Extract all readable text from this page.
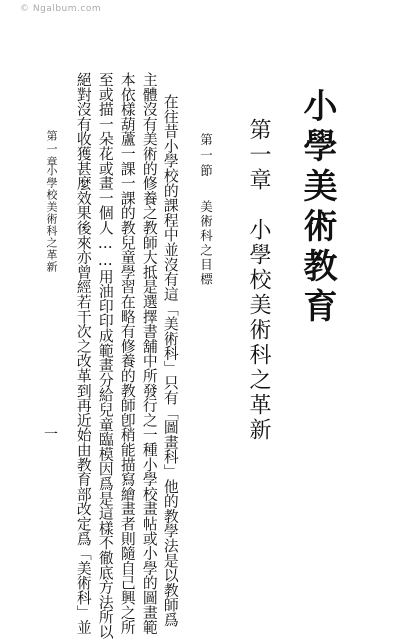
© Ngalbum.com
小學美術教育
第一章　小學校美術科之革新
第一節
美術科之目標
在往昔小學校的課程中並沒有這「美術科」只有「圖畫科」他的教學法是以教師爲
主體沒有美術的修養之教師大抵是選擇書舖中所發行之一種小學校畫帖或小學的圖畫範
本依樣葫蘆一課一課的教兒童學習在略有修養的教師卽稍能描寫繪畫者則隨自己興之所
至或描一朵花或畫一個人……用油印印成範畫分給兒童臨模因爲是這樣不徹底方法所以
絕對沒有收獲甚麼效果後來亦曾經若干次之改革到再近始由教育部改定爲「美術科」並
第一章
小學校美術科之革新
一
